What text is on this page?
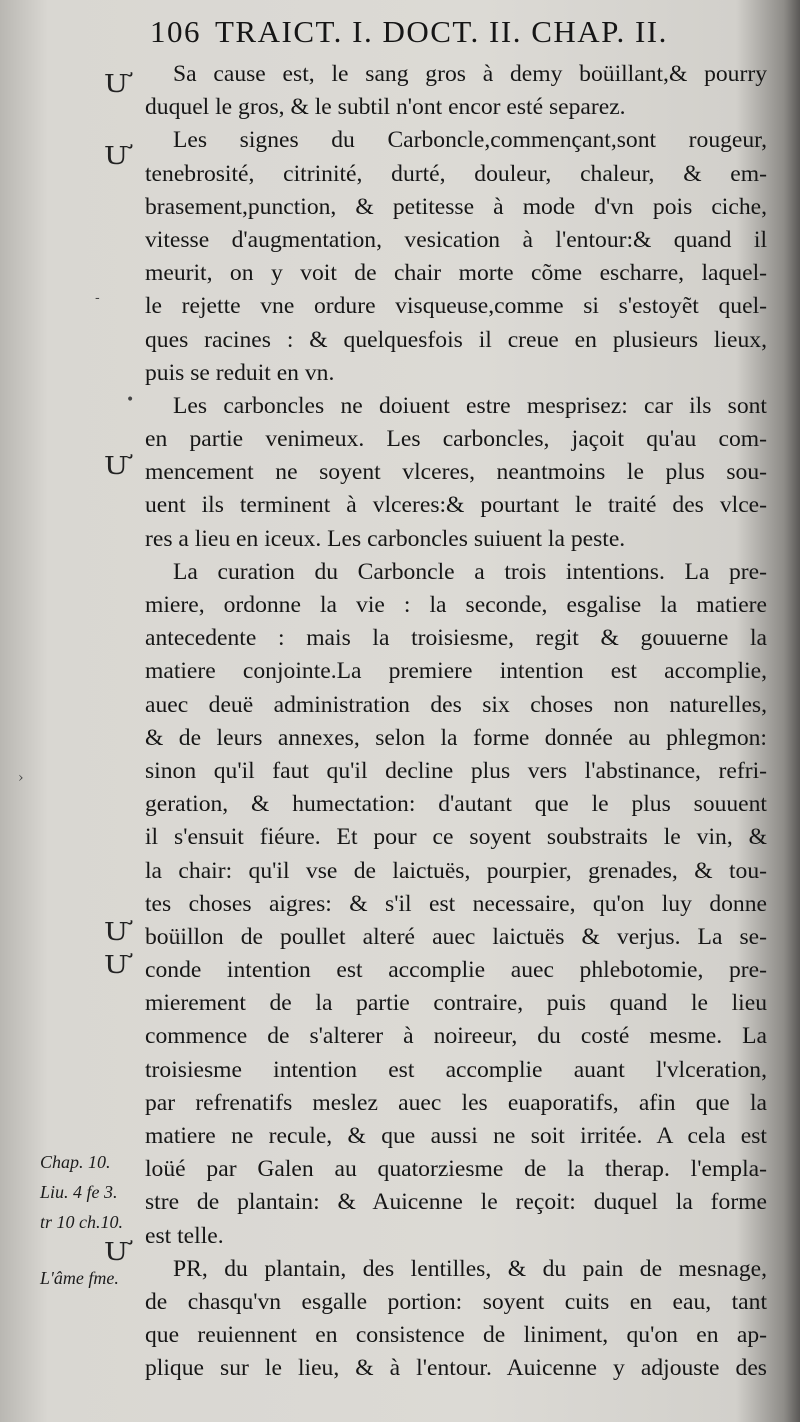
106 TRAICT. I. DOCT. II. CHAP. II.
Ư
Ư
Ư
Ư
Ư
Ư
-
•
›
Chap. 10.
Liu. 4 fe 3.
tr 10 ch.10.
L'âme fme.
Sa cause est, le sang gros à demy boüillant,& pourry
duquel le gros, & le subtil n'ont encor esté separez.
Les signes du Carboncle,commençant,sont rougeur,
tenebrosité, citrinité, durté, douleur, chaleur, & em-
brasement,punction, & petitesse à mode d'vn pois ciche,
vitesse d'augmentation, vesication à l'entour:& quand il
meurit, on y voit de chair morte cõme escharre, laquel-
le rejette vne ordure visqueuse,comme si s'estoyẽt quel-
ques racines : & quelquesfois il creue en plusieurs lieux,
puis se reduit en vn.
Les carboncles ne doiuent estre mesprisez: car ils sont
en partie venimeux. Les carboncles, jaçoit qu'au com-
mencement ne soyent vlceres, neantmoins le plus sou-
uent ils terminent à vlceres:& pourtant le traité des vlce-
res a lieu en iceux. Les carboncles suiuent la peste.
La curation du Carboncle a trois intentions. La pre-
miere, ordonne la vie : la seconde, esgalise la matiere
antecedente : mais la troisiesme, regit & gouuerne la
matiere conjointe.La premiere intention est accomplie,
auec deuë administration des six choses non naturelles,
& de leurs annexes, selon la forme donnée au phlegmon:
sinon qu'il faut qu'il decline plus vers l'abstinance, refri-
geration, & humectation: d'autant que le plus souuent
il s'ensuit fiéure. Et pour ce soyent soubstraits le vin, &
la chair: qu'il vse de laictuës, pourpier, grenades, & tou-
tes choses aigres: & s'il est necessaire, qu'on luy donne
boüillon de poullet alteré auec laictuës & verjus. La se-
conde intention est accomplie auec phlebotomie, pre-
mierement de la partie contraire, puis quand le lieu
commence de s'alterer à noireeur, du costé mesme. La
troisiesme intention est accomplie auant l'vlceration,
par refrenatifs meslez auec les euaporatifs, afin que la
matiere ne recule, & que aussi ne soit irritée. A cela est
loüé par Galen au quatorziesme de la therap. l'empla-
stre de plantain: & Auicenne le reçoit: duquel la forme
est telle.
PR, du plantain, des lentilles, & du pain de mesnage,
de chasqu'vn esgalle portion: soyent cuits en eau, tant
que reuiennent en consistence de liniment, qu'on en ap-
plique sur le lieu, & à l'entour. Auicenne y adjouste des
